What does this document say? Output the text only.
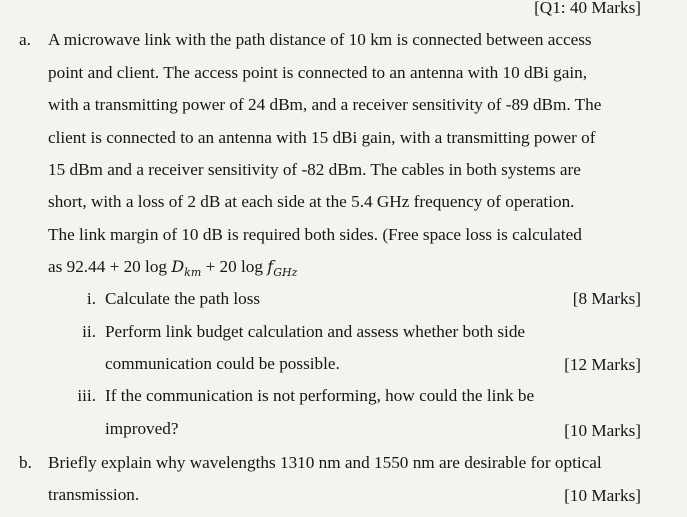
[Q1: 40 Marks]
a. A microwave link with the path distance of 10 km is connected between access
point and client. The access point is connected to an antenna with 10 dBi gain,
with a transmitting power of 24 dBm, and a receiver sensitivity of -89 dBm. The
client is connected to an antenna with 15 dBi gain, with a transmitting power of
15 dBm and a receiver sensitivity of -82 dBm. The cables in both systems are
short, with a loss of 2 dB at each side at the 5.4 GHz frequency of operation.
The link margin of 10 dB is required both sides. (Free space loss is calculated
as 92.44 + 20 $\log D_{km} + 20$ $\log f_{GHz}$
i. Calculate the path loss	[8 Marks]
ii. Perform link budget calculation and assess whether both side
communication could be possible.	[12 Marks]
iii. If the communication is not performing, how could the link be
improved?	[10 Marks]
b. Briefly explain why wavelengths 1310 nm and 1550 nm are desirable for optical
transmission.	[10 Marks]
